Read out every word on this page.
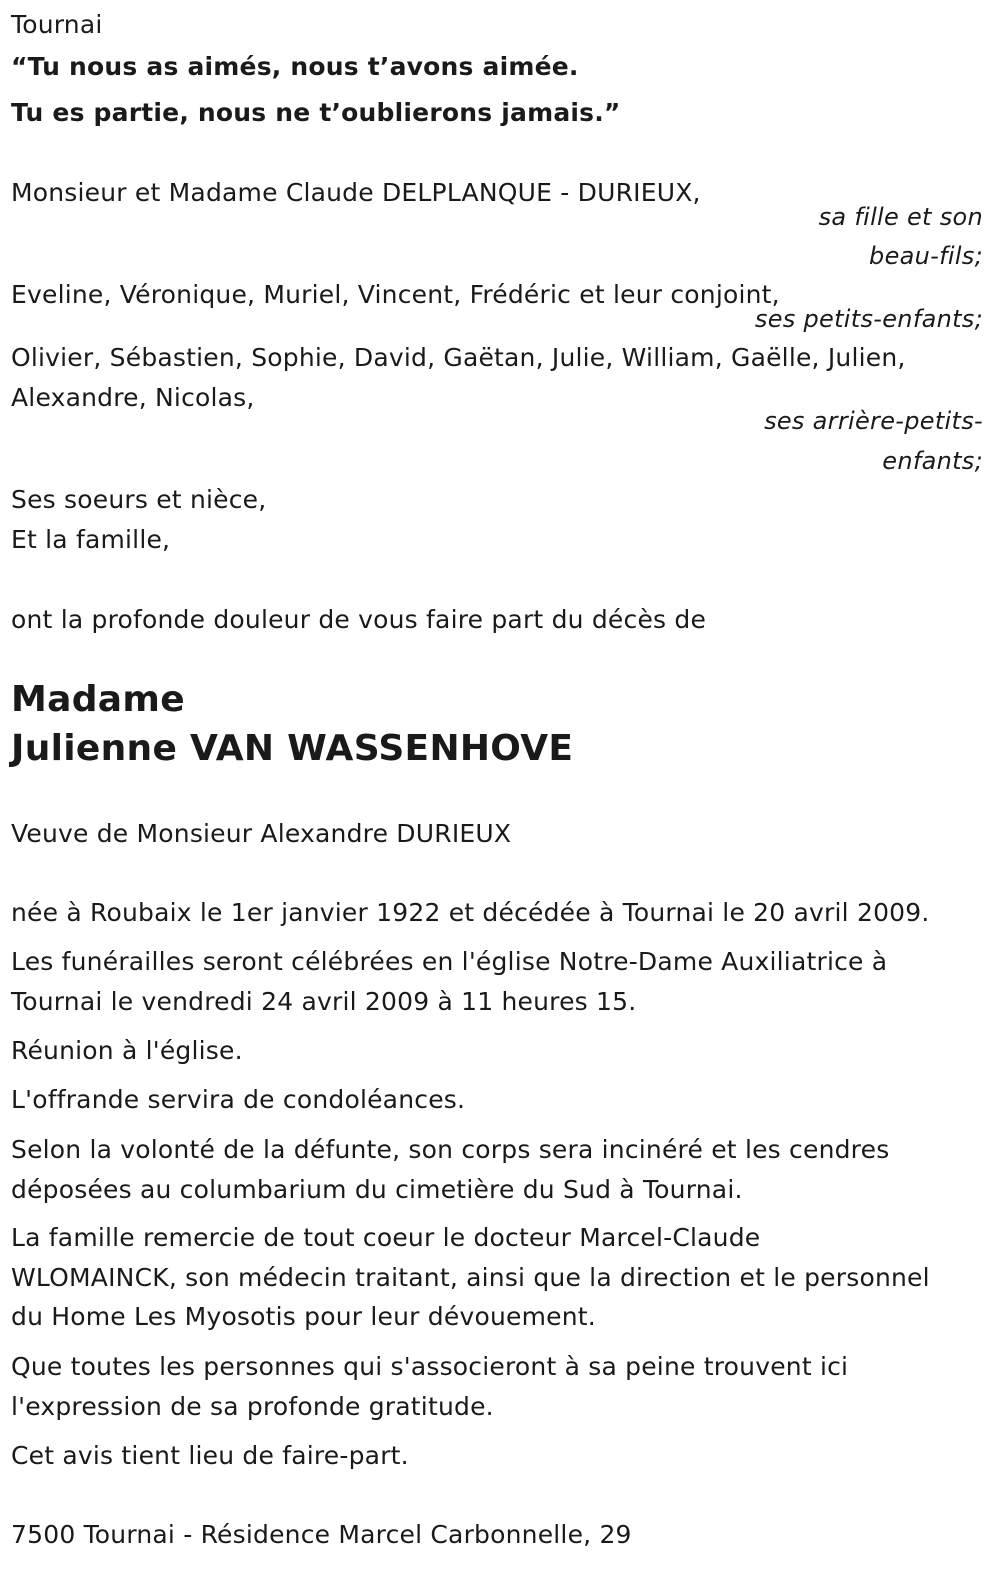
Tournai
“Tu nous as aimés, nous t’avons aimée.
Tu es partie, nous ne t’oublierons jamais.”
Monsieur et Madame Claude DELPLANQUE - DURIEUX,
sa fille et son
beau-fils;
Eveline, Véronique, Muriel, Vincent, Frédéric et leur conjoint,
ses petits-enfants;
Olivier, Sébastien, Sophie, David, Gaëtan, Julie, William, Gaëlle, Julien,
Alexandre, Nicolas,
ses arrière-petits-
enfants;
Ses soeurs et nièce,
Et la famille,
ont la profonde douleur de vous faire part du décès de
Madame
Julienne VAN WASSENHOVE
Veuve de Monsieur Alexandre DURIEUX
née à Roubaix le 1er janvier 1922 et décédée à Tournai le 20 avril 2009.
Les funérailles seront célébrées en l'église Notre-Dame Auxiliatrice à
Tournai le vendredi 24 avril 2009 à 11 heures 15.
Réunion à l'église.
L'offrande servira de condoléances.
Selon la volonté de la défunte, son corps sera incinéré et les cendres
déposées au columbarium du cimetière du Sud à Tournai.
La famille remercie de tout coeur le docteur Marcel-Claude
WLOMAINCK, son médecin traitant, ainsi que la direction et le personnel
du Home Les Myosotis pour leur dévouement.
Que toutes les personnes qui s'associeront à sa peine trouvent ici
l'expression de sa profonde gratitude.
Cet avis tient lieu de faire-part.
7500 Tournai - Résidence Marcel Carbonnelle, 29
